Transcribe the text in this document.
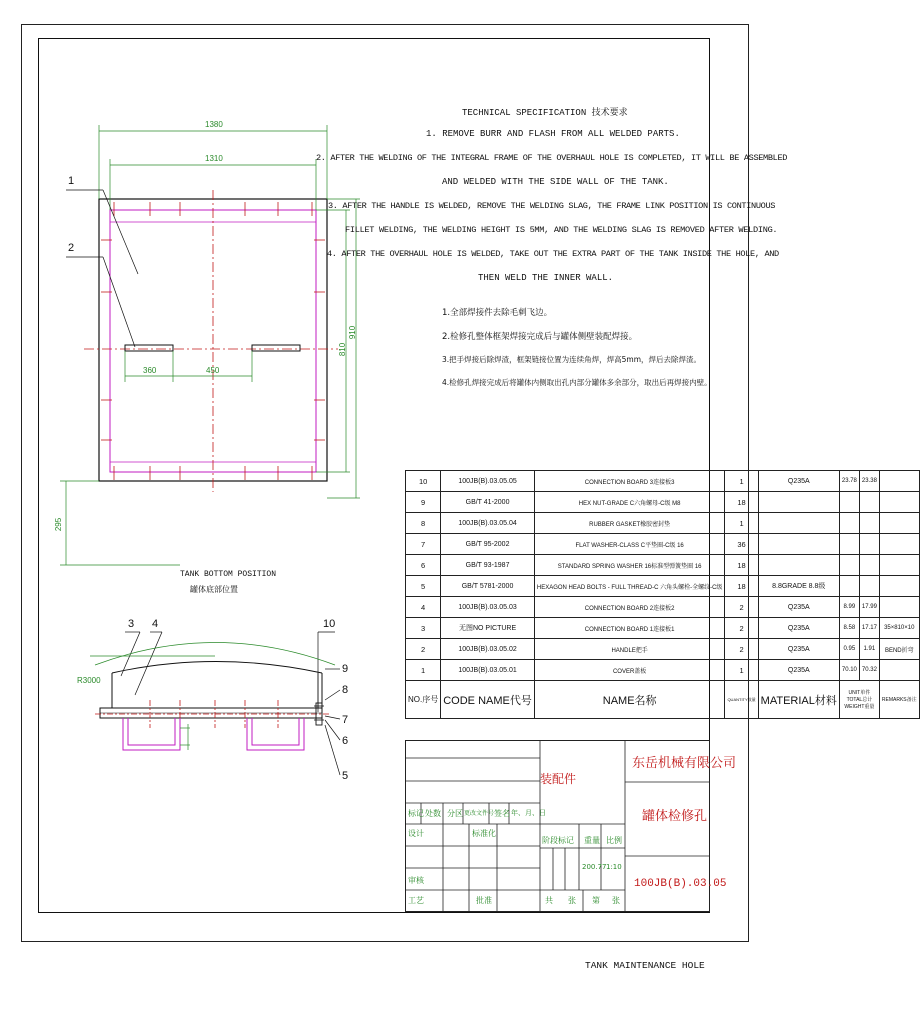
TECHNICAL SPECIFICATION 技术要求
1. REMOVE BURR AND FLASH FROM ALL WELDED PARTS.
2. AFTER THE WELDING OF THE INTEGRAL FRAME OF THE OVERHAUL HOLE IS COMPLETED, IT WILL BE ASSEMBLED
AND WELDED WITH THE SIDE WALL OF THE TANK.
3. AFTER THE HANDLE IS WELDED, REMOVE THE WELDING SLAG, THE FRAME LINK POSITION IS CONTINUOUS
FILLET WELDING, THE WELDING HEIGHT IS 5MM, AND THE WELDING SLAG IS REMOVED AFTER WELDING.
4. AFTER THE OVERHAUL HOLE IS WELDED, TAKE OUT THE EXTRA PART OF THE TANK INSIDE THE HOLE, AND
THEN WELD THE INNER WALL.
1.全部焊接件去除毛刺飞边。
2.检修孔整体框架焊接完成后与罐体侧壁装配焊接。
3.把手焊接后除焊渣，框架链接位置为连续角焊，焊高5mm，焊后去除焊渣。
4.检修孔焊接完成后将罐体内侧取出孔内部分罐体多余部分，取出后再焊接内壁。
1380
1310
360	450
810
910
295
R3000
1
2
3 4	10
9
8
7
6
5
TANK BOTTOM POSITION
罐体底部位置
10	100JB(B).03.05.05	CONNECTION BOARD 3连接板3	1	Q235A	23.78	23.38	
9	GB/T 41-2000	HEX NUT-GRADE C六角螺母-C级 M8	18				
8	100JB(B).03.05.04	RUBBER GASKET橡胶密封垫	1				
7	GB/T 95-2002	FLAT WASHER-CLASS C平垫圈-C级 16	36				
6	GB/T 93-1987	STANDARD SPRING WASHER 16标准型弹簧垫圈 16	18				
5	GB/T 5781-2000	HEXAGON HEAD BOLTS - FULL THREAD-C 六角头螺栓-全螺纹-C级	18	8.8GRADE 8.8级			
4	100JB(B).03.05.03	CONNECTION BOARD 2连接板2	2	Q235A	8.99	17.99	
3	无图NO PICTURE	CONNECTION BOARD 1连接板1	2	Q235A	8.58	17.17	35×810×10
2	100JB(B).03.05.02	HANDLE把手	2	Q235A	0.95	1.91	BEND折弯
1	100JB(B).03.05.01	COVER盖板	1	Q235A	70.10	70.32	
NO.序号	CODE NAME代号	NAME名称	QUANTITY数量	MATERIAL材料	UNIT单件 TOTAL总计 WEIGHT重量		REMARKS备注
装配件
东岳机械有限公司
罐体检修孔
100JB(B).03.05
200.77 1:10
标记 处数 分区 更改文件号 签名 年、月、日
设计	标准化
审核
工艺	批准
阶段标记 重量 比例
共 张 第 张
TANK MAINTENANCE HOLE
